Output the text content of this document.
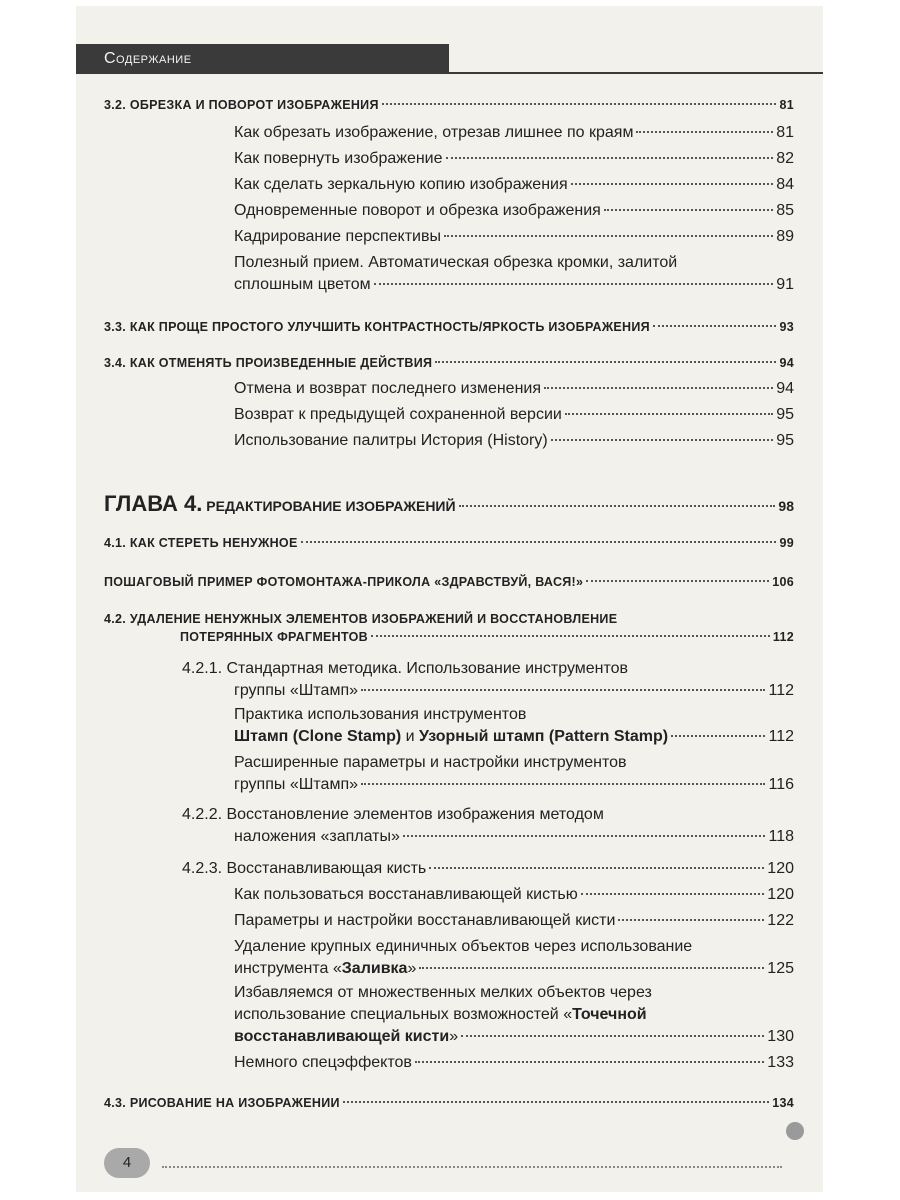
Содержание
3.2. ОБРЕЗКА И ПОВОРОТ ИЗОБРАЖЕНИЯ	81
Как обрезать изображение, отрезав лишнее по краям	81
Как повернуть изображение	82
Как сделать зеркальную копию изображения	84
Одновременные поворот и обрезка изображения	85
Кадрирование перспективы	89
Полезный прием. Автоматическая обрезка кромки, залитой
сплошным цветом	91
3.3. КАК ПРОЩЕ ПРОСТОГО УЛУЧШИТЬ КОНТРАСТНОСТЬ/ЯРКОСТЬ ИЗОБРАЖЕНИЯ	93
3.4. КАК ОТМЕНЯТЬ ПРОИЗВЕДЕННЫЕ ДЕЙСТВИЯ	94
Отмена и возврат последнего изменения	94
Возврат к предыдущей сохраненной версии	95
Использование палитры История (History)	95
ГЛАВА 4. РЕДАКТИРОВАНИЕ ИЗОБРАЖЕНИЙ	98
4.1. КАК СТЕРЕТЬ НЕНУЖНОЕ	99
ПОШАГОВЫЙ ПРИМЕР ФОТОМОНТАЖА-ПРИКОЛА «ЗДРАВСТВУЙ, ВАСЯ!»	106
4.2. УДАЛЕНИЕ НЕНУЖНЫХ ЭЛЕМЕНТОВ ИЗОБРАЖЕНИЙ И ВОССТАНОВЛЕНИЕ
ПОТЕРЯННЫХ ФРАГМЕНТОВ	112
4.2.1. Стандартная методика. Использование инструментов
группы «Штамп»	112
Практика использования инструментов
Штамп (Clone Stamp) и Узорный штамп (Pattern Stamp)	112
Расширенные параметры и настройки инструментов
группы «Штамп»	116
4.2.2. Восстановление элементов изображения методом
наложения «заплаты»	118
4.2.3. Восстанавливающая кисть	120
Как пользоваться восстанавливающей кистью	120
Параметры и настройки восстанавливающей кисти	122
Удаление крупных единичных объектов через использование
инструмента «Заливка»	125
Избавляемся от множественных мелких объектов через
использование специальных возможностей «Точечной
восстанавливающей кисти»	130
Немного спецэффектов	133
4.3. РИСОВАНИЕ НА ИЗОБРАЖЕНИИ	134
4
